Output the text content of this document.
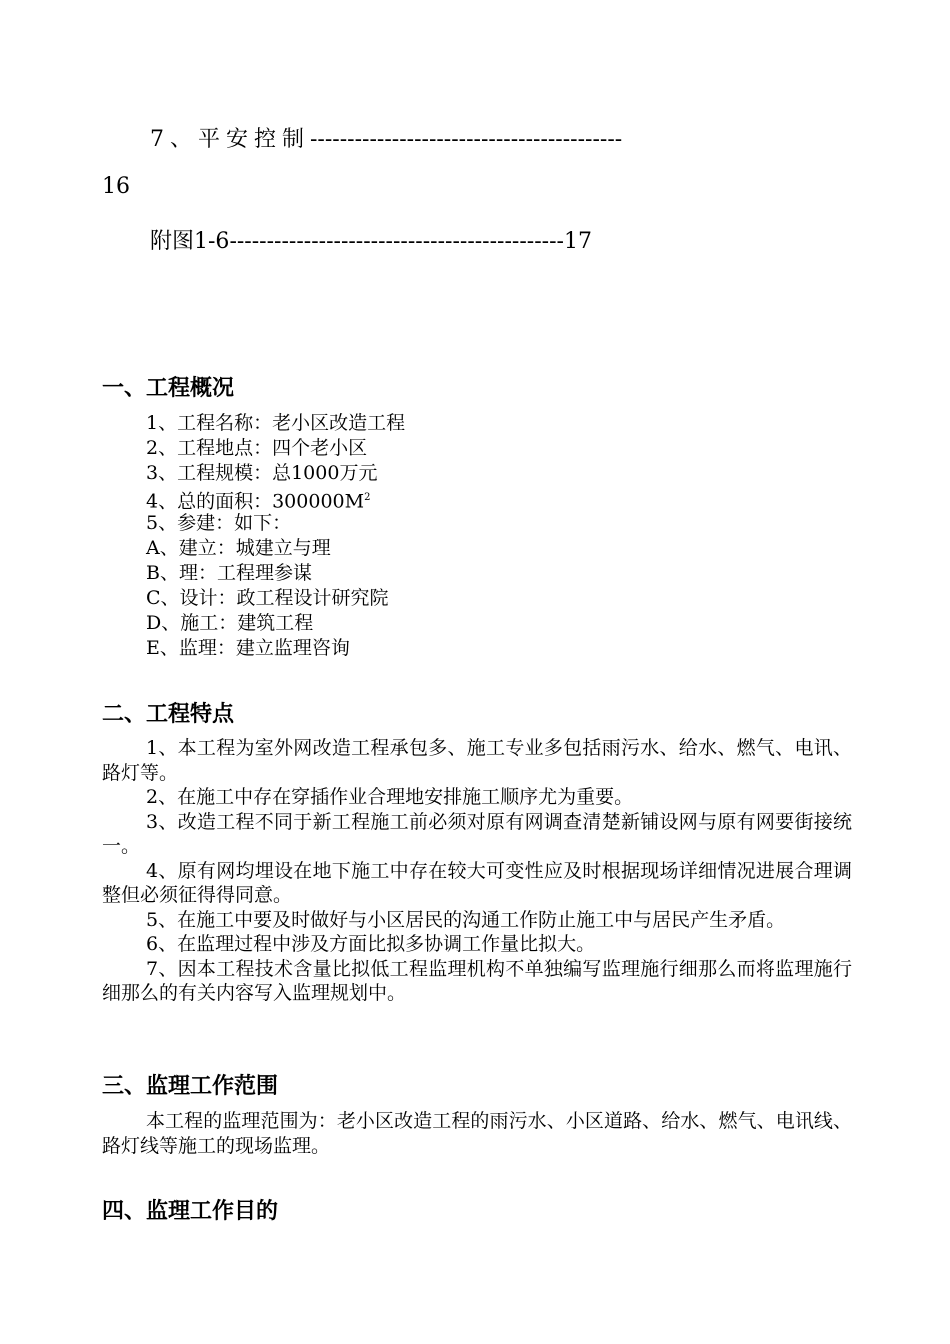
7、平安控制------------------------------------------
16
附图1-6---------------------------------------------17
一、工程概况
1、工程名称：老小区改造工程
2、工程地点：四个老小区
3、工程规模：总1000万元
4、总的面积：$300000M^2$
5、参建：如下：
A、建立：城建立与理
B、理：工程理参谋
C、设计：政工程设计研究院
D、施工：建筑工程
E、监理：建立监理咨询
二、工程特点

1、本工程为室外网改造工程承包多、施工专业多包括雨污水、给水、燃气、电讯、路灯等。

2、在施工中存在穿插作业合理地安排施工顺序尤为重要。

3、改造工程不同于新工程施工前必须对原有网调查清楚新铺设网与原有网要街接统一。

4、原有网均埋设在地下施工中存在较大可变性应及时根据现场详细情况进展合理调整但必须征得得同意。

5、在施工中要及时做好与小区居民的沟通工作防止施工中与居民产生矛盾。

6、在监理过程中涉及方面比拟多协调工作量比拟大。

7、因本工程技术含量比拟低工程监理机构不单独编写监理施行细那么而将监理施行细那么的有关内容写入监理规划中。

三、监理工作范围

本工程的监理范围为：老小区改造工程的雨污水、小区道路、给水、燃气、电讯线、路灯线等施工的现场监理。

四、监理工作目的
